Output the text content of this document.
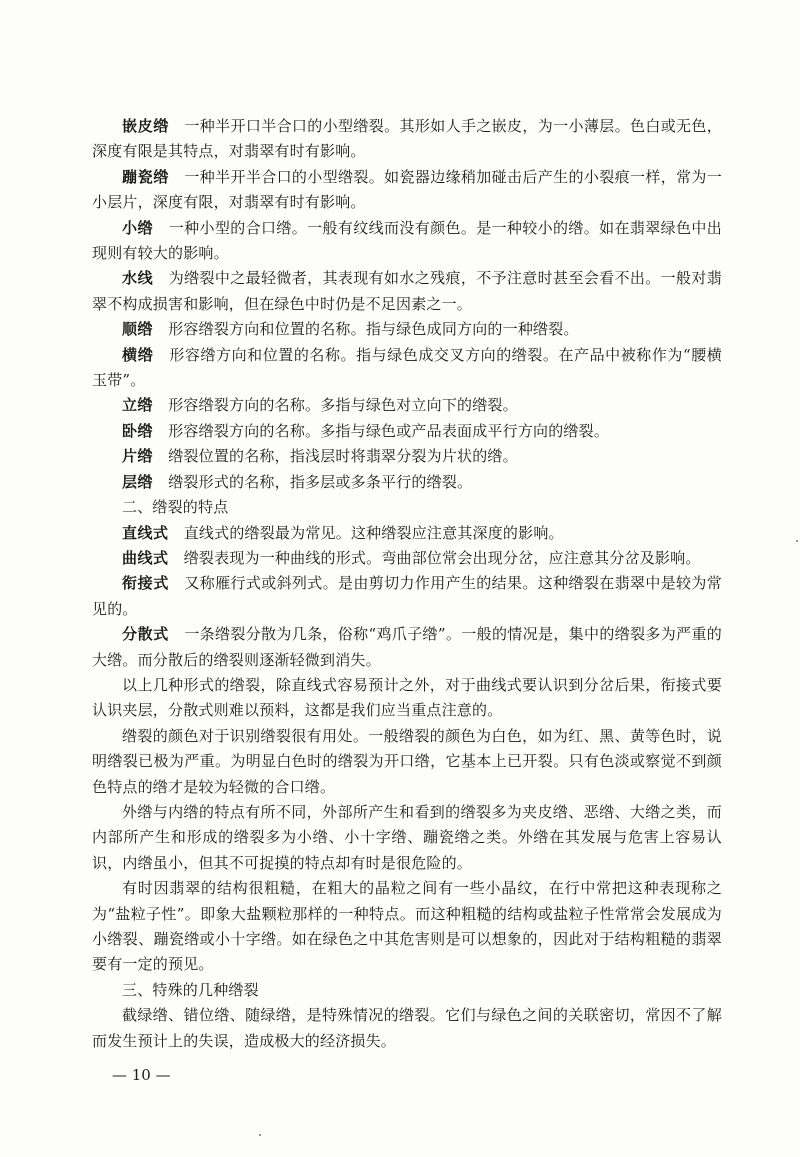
嵌皮绺　 一种半开口半合口的小型绺裂。其形如人手之嵌皮，为一小薄层。色白或无色，深度有限是其特点，对翡翠有时有影响。

蹦瓷绺　 一种半开半合口的小型绺裂。如瓷器边缘稍加碰击后产生的小裂痕一样，常为一小层片，深度有限，对翡翠有时有影响。

小绺　 一种小型的合口绺。一般有纹线而没有颜色。是一种较小的绺。如在翡翠绿色中出现则有较大的影响。

水线　 为绺裂中之最轻微者，其表现有如水之残痕，不予注意时甚至会看不出。一般对翡翠不构成损害和影响，但在绿色中时仍是不足因素之一。

顺绺　 形容绺裂方向和位置的名称。指与绿色成同方向的一种绺裂。

横绺　 形容绺方向和位置的名称。指与绿色成交叉方向的绺裂。在产品中被称作为“腰横玉带”。

立绺　 形容绺裂方向的名称。多指与绿色对立向下的绺裂。

卧绺　 形容绺裂方向的名称。多指与绿色或产品表面成平行方向的绺裂。

片绺　 绺裂位置的名称，指浅层时将翡翠分裂为片状的绺。

层绺　 绺裂形式的名称，指多层或多条平行的绺裂。

二、绺裂的特点

直线式　 直线式的绺裂最为常见。这种绺裂应注意其深度的影响。

曲线式　 绺裂表现为一种曲线的形式。弯曲部位常会出现分岔，应注意其分岔及影响。

衔接式　 又称雁行式或斜列式。是由剪切力作用产生的结果。这种绺裂在翡翠中是较为常见的。

分散式　 一条绺裂分散为几条，俗称“鸡爪子绺”。一般的情况是，集中的绺裂多为严重的大绺。而分散后的绺裂则逐渐轻微到消失。

以上几种形式的绺裂，除直线式容易预计之外，对于曲线式要认识到分岔后果，衔接式要认识夹层，分散式则难以预料，这都是我们应当重点注意的。

绺裂的颜色对于识别绺裂很有用处。一般绺裂的颜色为白色，如为红、黑、黄等色时，说明绺裂已极为严重。为明显白色时的绺裂为开口绺，它基本上已开裂。只有色淡或察觉不到颜色特点的绺才是较为轻微的合口绺。

外绺与内绺的特点有所不同，外部所产生和看到的绺裂多为夹皮绺、恶绺、大绺之类，而内部所产生和形成的绺裂多为小绺、小十字绺、蹦瓷绺之类。外绺在其发展与危害上容易认识，内绺虽小，但其不可捉摸的特点却有时是很危险的。

有时因翡翠的结构很粗糙，在粗大的晶粒之间有一些小晶纹，在行中常把这种表现称之为“盐粒子性”。即象大盐颗粒那样的一种特点。而这种粗糙的结构或盐粒子性常常会发展成为小绺裂、蹦瓷绺或小十字绺。如在绿色之中其危害则是可以想象的，因此对于结构粗糙的翡翠要有一定的预见。

三、特殊的几种绺裂

截绿绺、错位绺、随绿绺，是特殊情况的绺裂。它们与绿色之间的关联密切，常因不了解而发生预计上的失误，造成极大的经济损失。

— 10 —
